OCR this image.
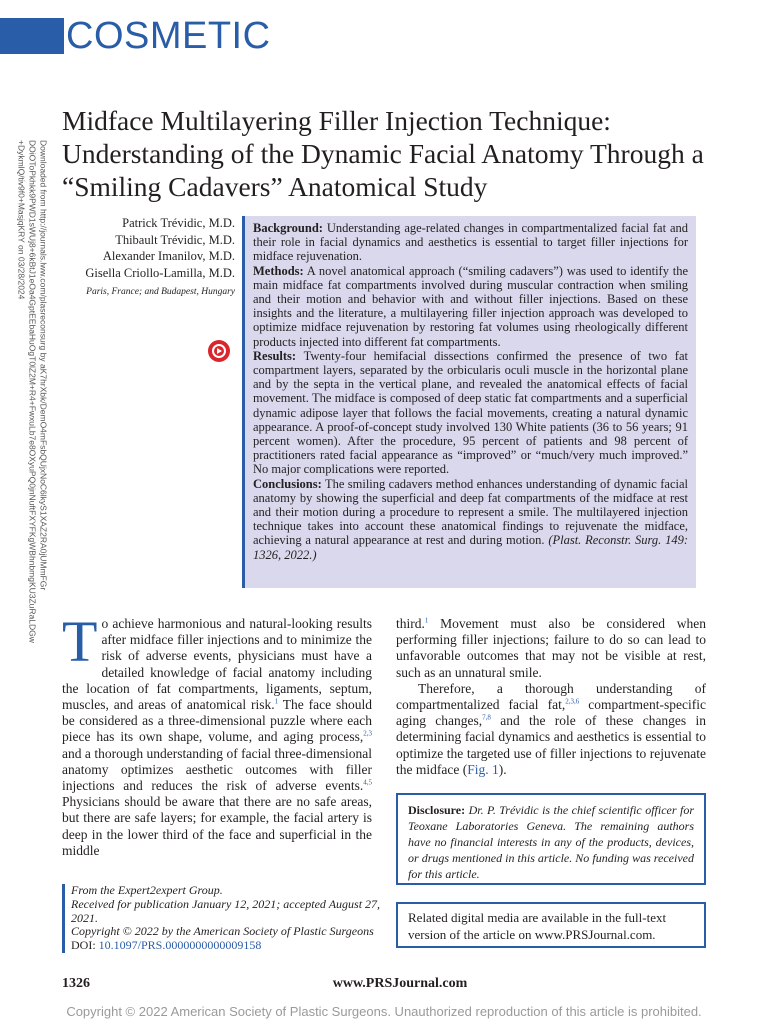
COSMETIC
Downloaded from http://journals.lww.com/plasreconsurg by aK7hrXbk/DemO4mFsbQUjxNoC6lkyS1XAZ2RA0jUMmFGr
DOiOToPkhkk9PWD1sWUj8+6kBtJ1eOa4GptEEbaHuOgT0lZ2M+R4+FwxuLb7e8OXyuPQ0jnNuftFXYFKgWBhnbmgKU3ZuRaLDGw
+DykmlQ/tiv9f0+MasjqKRY on 03/28/2024
Midface Multilayering Filler Injection Technique: Understanding of the Dynamic Facial Anatomy Through a “Smiling Cadavers” Anatomical Study
Patrick Trévidic, M.D.
Thibault Trévidic, M.D.
Alexander Imanilov, M.D.
Gisella Criollo-Lamilla, M.D.
Paris, France; and Budapest, Hungary

Background: Understanding age-related changes in compartmentalized facial fat and their role in facial dynamics and aesthetics is essential to target filler injections for midface rejuvenation.

Methods: A novel anatomical approach (“smiling cadavers”) was used to identify the main midface fat compartments involved during muscular contraction when smiling and their motion and behavior with and without filler injections. Based on these insights and the literature, a multilayering filler injection approach was developed to optimize midface rejuvenation by restoring fat volumes using rheologically different products injected into different fat compartments.

Results: Twenty-four hemifacial dissections confirmed the presence of two fat compartment layers, separated by the orbicularis oculi muscle in the horizontal plane and by the septa in the vertical plane, and revealed the anatomical effects of facial movement. The midface is composed of deep static fat compartments and a superficial dynamic adipose layer that follows the facial movements, creating a natural dynamic appearance. A proof-of-concept study involved 130 White patients (36 to 56 years; 91 percent women). After the procedure, 95 percent of patients and 98 percent of practitioners rated facial appearance as “improved” or “much/very much improved.” No major complications were reported.

Conclusions: The smiling cadavers method enhances understanding of dynamic facial anatomy by showing the superficial and deep fat compartments of the midface at rest and their motion during a procedure to represent a smile. The multilayered injection technique takes into account these anatomical findings to rejuvenate the midface, achieving a natural appearance at rest and during motion. (Plast. Reconstr. Surg. 149: 1326, 2022.)

To achieve harmonious and natural-looking results after midface filler injections and to minimize the risk of adverse events, physicians must have a detailed knowledge of facial anatomy including the location of fat compartments, ligaments, septum, muscles, and areas of anatomical risk.$^1$ The face should be considered as a three-dimensional puzzle where each piece has its own shape, volume, and aging process,$^{2,3}$ and a thorough understanding of facial three-dimensional anatomy optimizes aesthetic outcomes with filler injections and reduces the risk of adverse events.$^{4,5}$ Physicians should be aware that there are no safe areas, but there are safe layers; for example, the facial artery is deep in the lower third of the face and superficial in the middle

third.$^1$ Movement must also be considered when performing filler injections; failure to do so can lead to unfavorable outcomes that may not be visible at rest, such as an unnatural smile.

Therefore, a thorough understanding of compartmentalized facial fat,$^{2,3,6}$ compartment-specific aging changes,$^{7,8}$ and the role of these changes in determining facial dynamics and aesthetics is essential to optimize the targeted use of filler injections to rejuvenate the midface (Fig. 1).

Disclosure: Dr. P. Trévidic is the chief scientific officer for Teoxane Laboratories Geneva. The remaining authors have no financial interests in any of the products, devices, or drugs mentioned in this article. No funding was received for this article.
Related digital media are available in the full-text version of the article on www.PRSJournal.com.
From the Expert2expert Group.
Received for publication January 12, 2021; accepted August 27, 2021.
Copyright © 2022 by the American Society of Plastic Surgeons
DOI: 10.1097/PRS.0000000000009158
1326	www.PRSJournal.com
Copyright © 2022 American Society of Plastic Surgeons. Unauthorized reproduction of this article is prohibited.
